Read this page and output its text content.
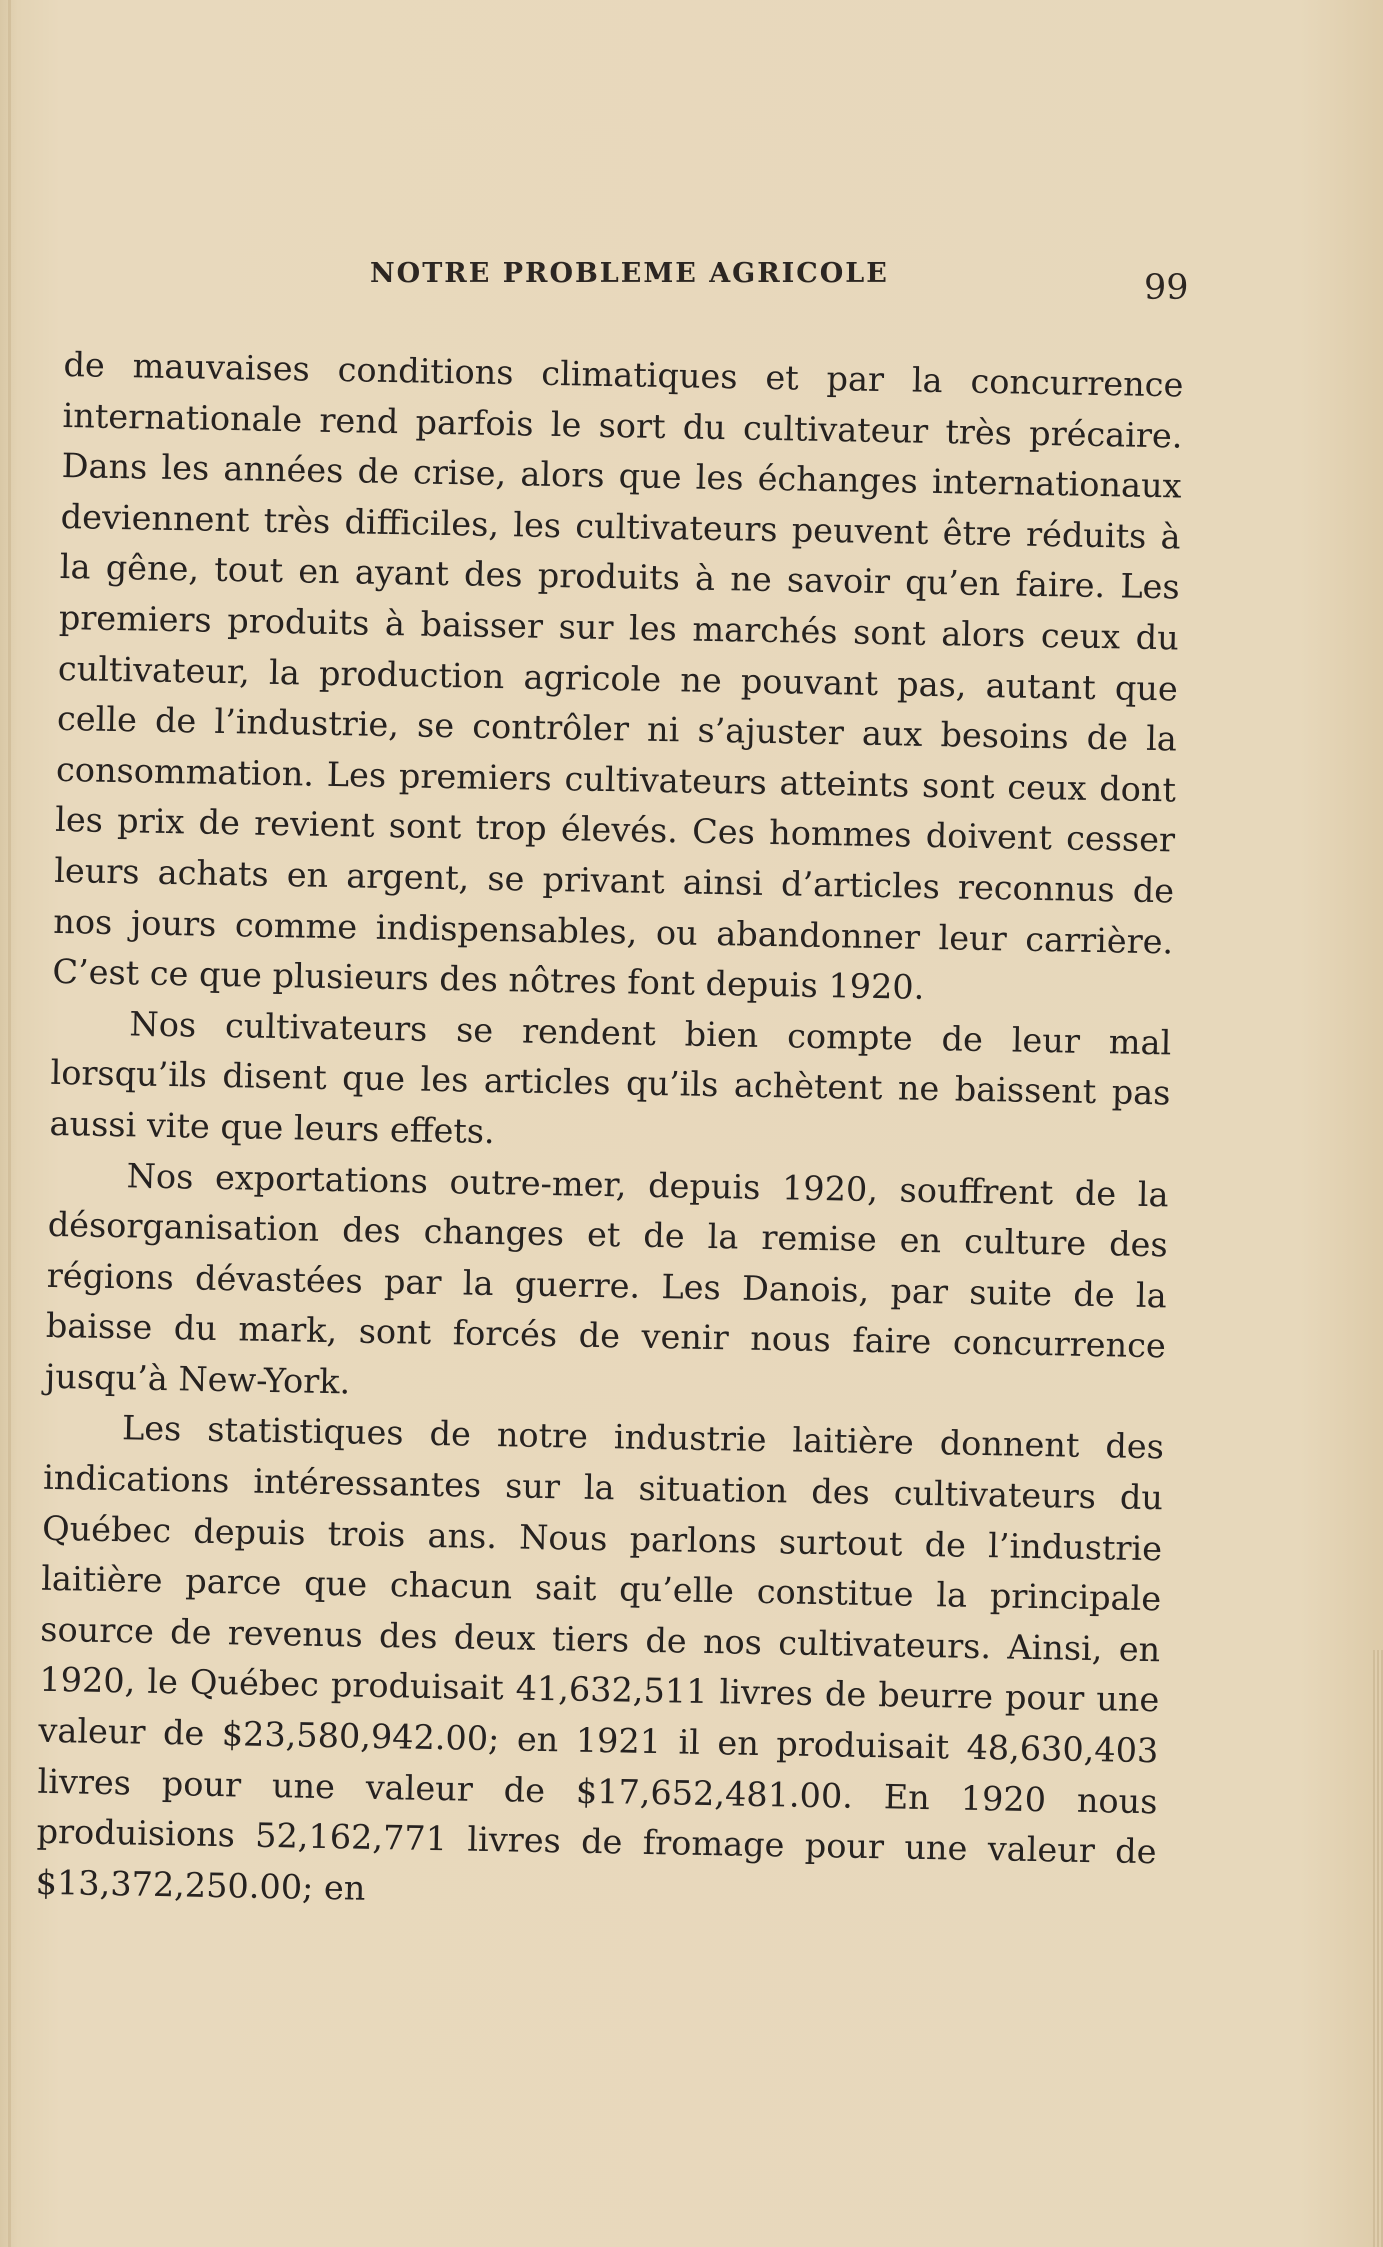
NOTRE PROBLEME AGRICOLE	99

de mauvaises conditions climatiques et par la concurrence internationale rend parfois le sort du cultivateur très précaire. Dans les années de crise, alors que les échanges internationaux deviennent très difficiles, les cultivateurs peuvent être réduits à la gêne, tout en ayant des produits à ne savoir qu’en faire. Les premiers produits à baisser sur les marchés sont alors ceux du cultivateur, la production agricole ne pouvant pas, autant que celle de l’industrie, se contrôler ni s’ajuster aux besoins de la consommation. Les premiers cultivateurs atteints sont ceux dont les prix de revient sont trop élevés. Ces hommes doivent cesser leurs achats en argent, se privant ainsi d’articles reconnus de nos jours comme indispensables, ou abandonner leur carrière. C’est ce que plusieurs des nôtres font depuis 1920.

Nos cultivateurs se rendent bien compte de leur mal lorsqu’ils disent que les articles qu’ils achètent ne baissent pas aussi vite que leurs effets.

Nos exportations outre-mer, depuis 1920, souffrent de la désorganisation des changes et de la remise en culture des régions dévastées par la guerre. Les Danois, par suite de la baisse du mark, sont forcés de venir nous faire concurrence jusqu’à New-York.

Les statistiques de notre industrie laitière donnent des indications intéressantes sur la situation des cultivateurs du Québec depuis trois ans. Nous parlons surtout de l’industrie laitière parce que chacun sait qu’elle constitue la principale source de revenus des deux tiers de nos cultivateurs. Ainsi, en 1920, le Québec produisait 41,632,511 livres de beurre pour une valeur de $23,580,942.00; en 1921 il en produisait 48,630,403 livres pour une valeur de $17,652,481.00. En 1920 nous produisions 52,162,771 livres de fromage pour une valeur de $13,372,250.00; en
